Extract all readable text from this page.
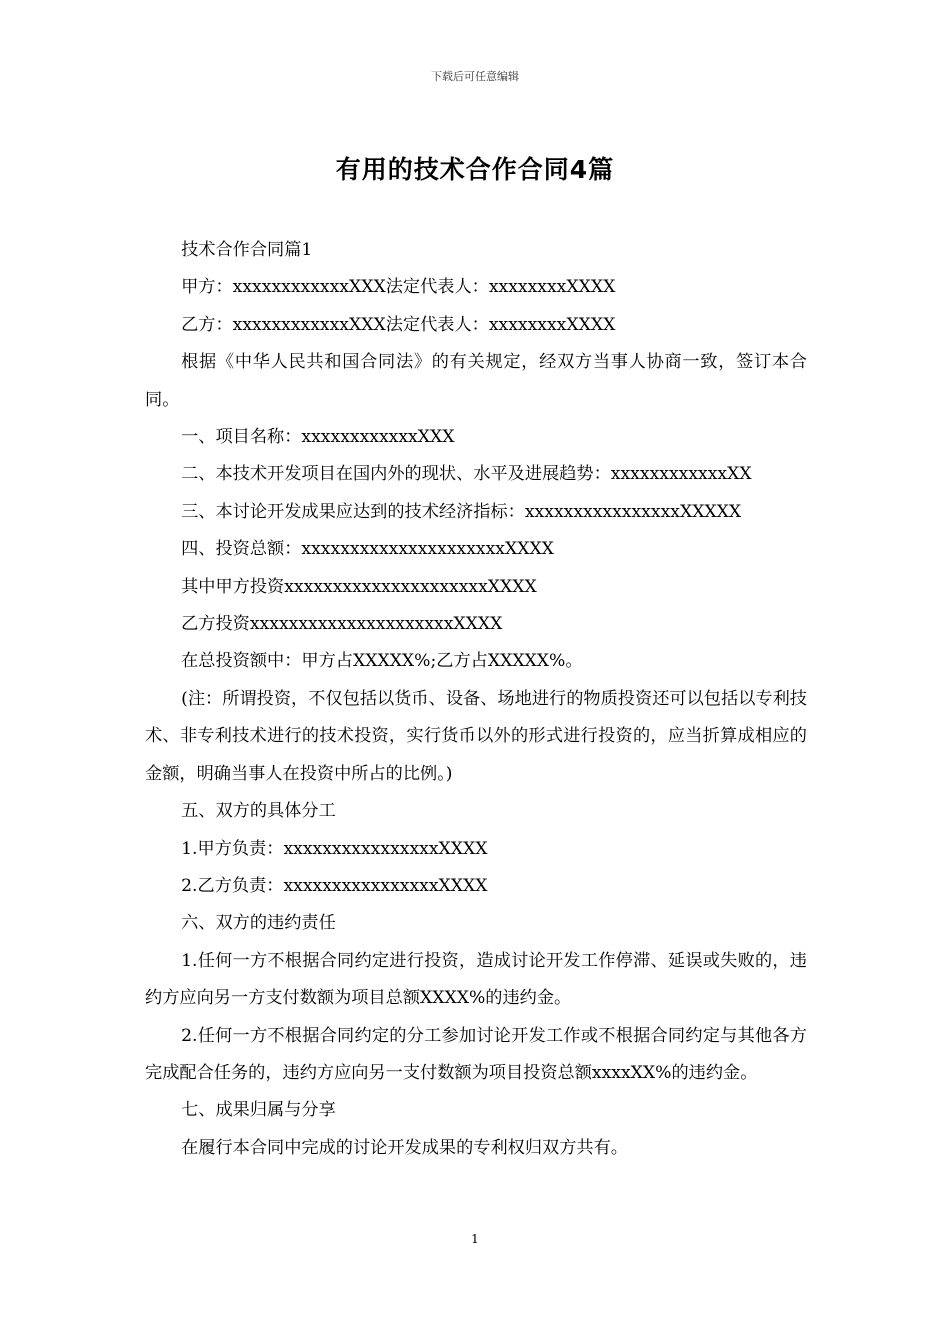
下载后可任意编辑
有用的技术合作合同4篇

技术合作合同篇1

甲方：xxxxxxxxxxxxXXX法定代表人：xxxxxxxxXXXX

乙方：xxxxxxxxxxxxXXX法定代表人：xxxxxxxxXXXX

根据《中华人民共和国合同法》的有关规定，经双方当事人协商一致，签订本合同。

一、项目名称：xxxxxxxxxxxxXXX

二、本技术开发项目在国内外的现状、水平及进展趋势：xxxxxxxxxxxxXX

三、本讨论开发成果应达到的技术经济指标：xxxxxxxxxxxxxxxxXXXXX

四、投资总额：xxxxxxxxxxxxxxxxxxxxxXXXX

其中甲方投资xxxxxxxxxxxxxxxxxxxxxXXXX

乙方投资xxxxxxxxxxxxxxxxxxxxxXXXX

在总投资额中：甲方占XXXXX%;乙方占XXXXX%。

(注：所谓投资，不仅包括以货币、设备、场地进行的物质投资还可以包括以专利技术、非专利技术进行的技术投资，实行货币以外的形式进行投资的，应当折算成相应的金额，明确当事人在投资中所占的比例。)

五、双方的具体分工

1.甲方负责：xxxxxxxxxxxxxxxxXXXX

2.乙方负责：xxxxxxxxxxxxxxxxXXXX

六、双方的违约责任

1.任何一方不根据合同约定进行投资，造成讨论开发工作停滞、延误或失败的，违约方应向另一方支付数额为项目总额XXXX%的违约金。

2.任何一方不根据合同约定的分工参加讨论开发工作或不根据合同约定与其他各方完成配合任务的，违约方应向另一支付数额为项目投资总额xxxxXX%的违约金。

七、成果归属与分享

在履行本合同中完成的讨论开发成果的专利权归双方共有。

1
